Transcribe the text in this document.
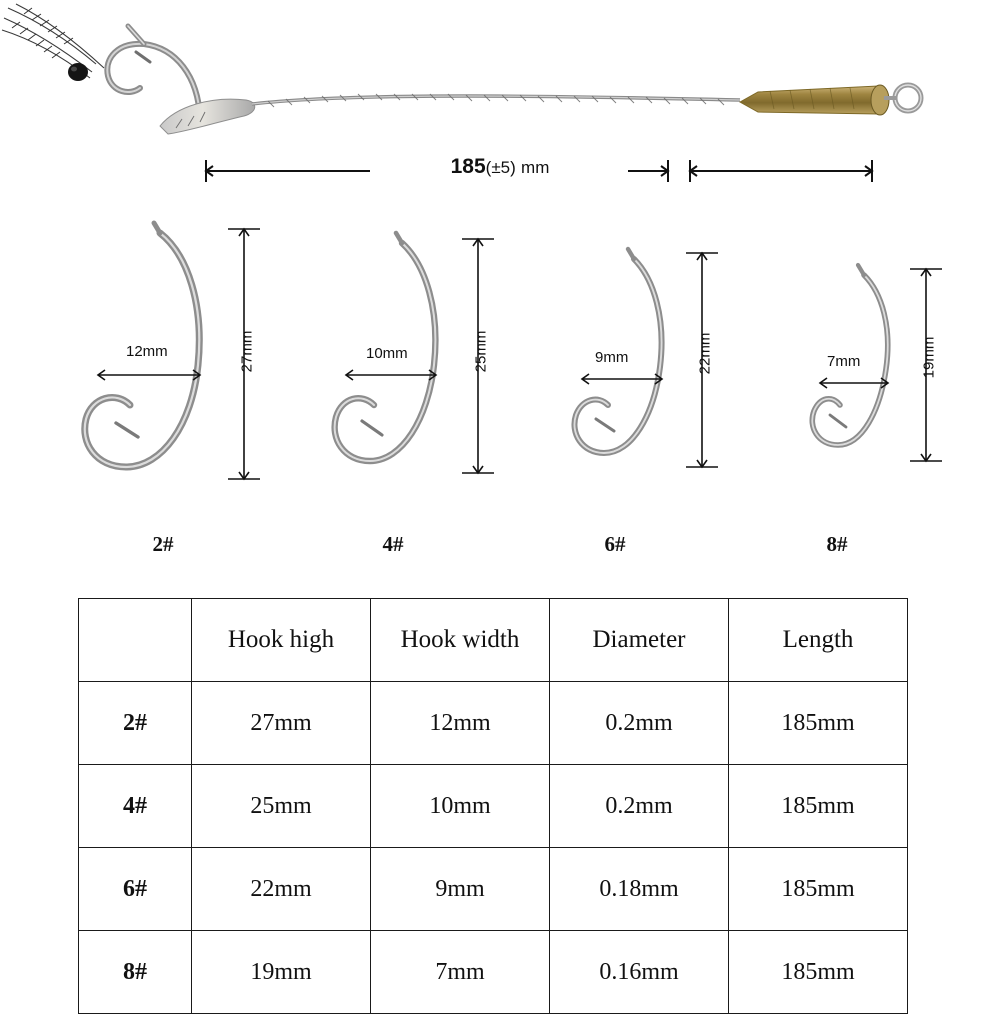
185(±5) mm
12mm	27mm
2#
10mm	25mm
4#
9mm	22mm
6#
7mm	19mm
8#
	Hook high	Hook width	Diameter	Length
2#	27mm	12mm	0.2mm	185mm
4#	25mm	10mm	0.2mm	185mm
6#	22mm	9mm	0.18mm	185mm
8#	19mm	7mm	0.16mm	185mm
